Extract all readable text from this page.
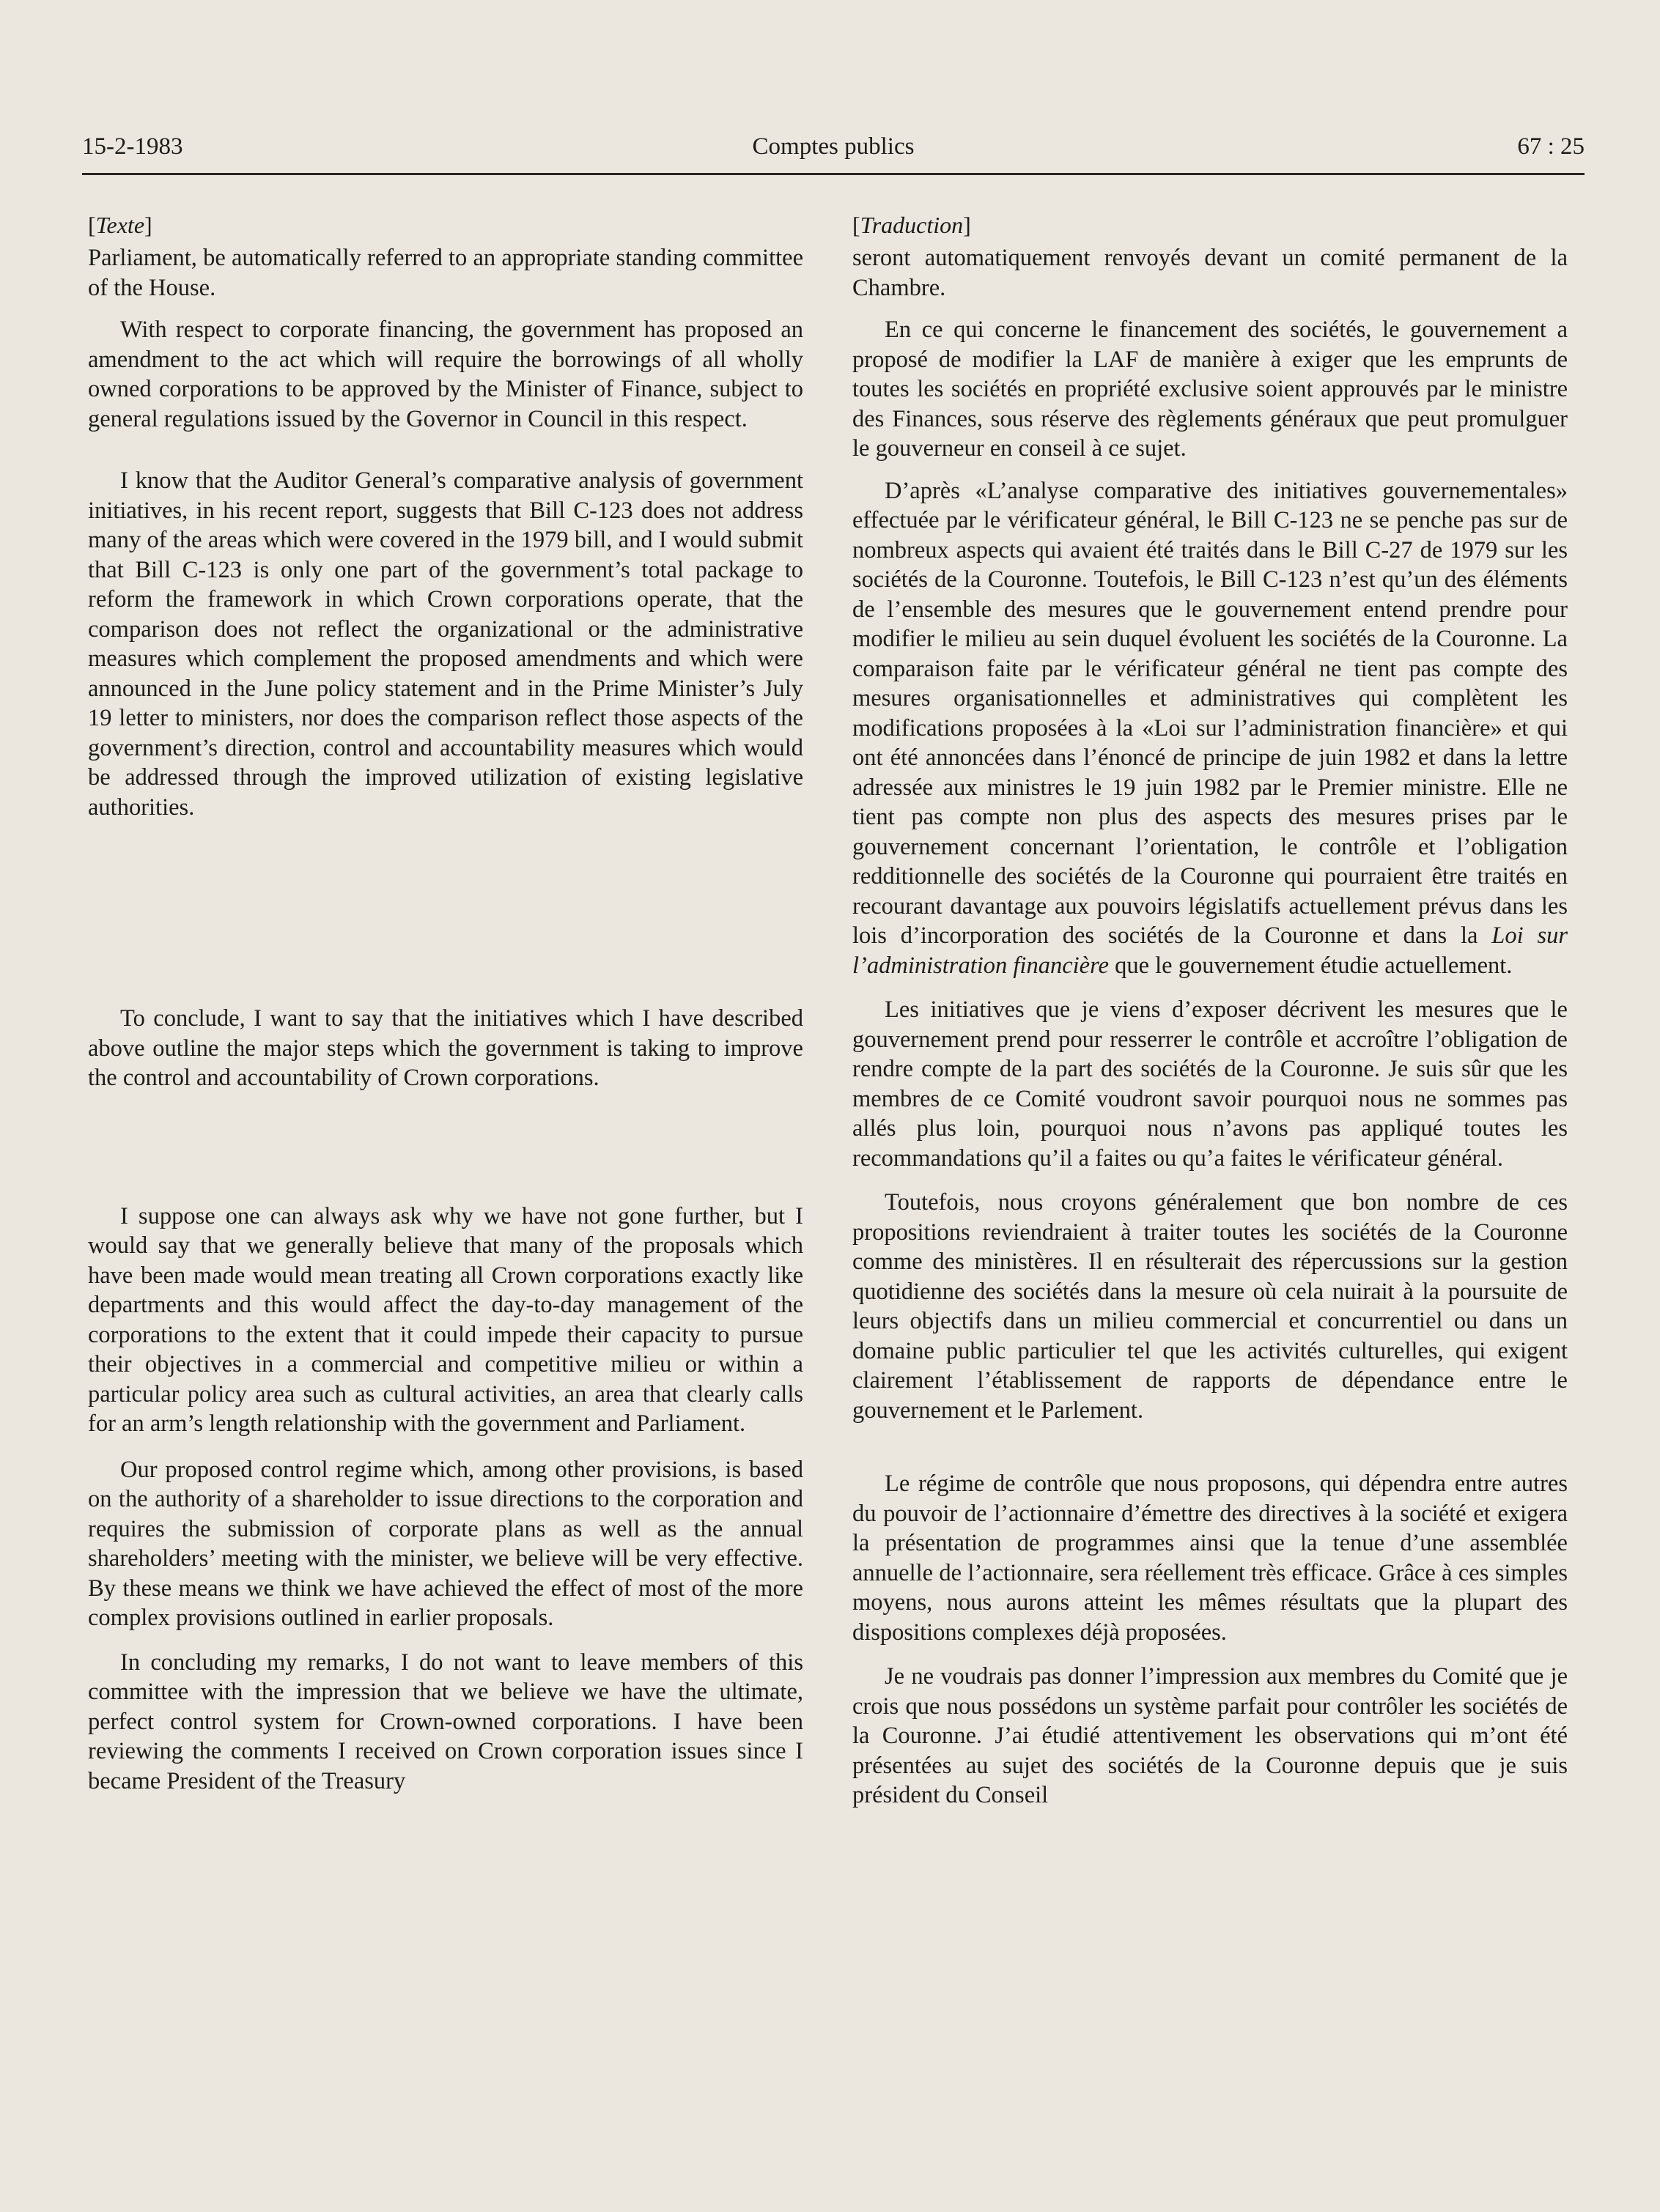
15-2-1983	Comptes publics	67 : 25
[Texte]

Parliament, be automatically referred to an appropriate standing committee of the House.

With respect to corporate financing, the government has proposed an amendment to the act which will require the borrowings of all wholly owned corporations to be approved by the Minister of Finance, subject to general regulations issued by the Governor in Council in this respect.

I know that the Auditor General’s comparative analysis of government initiatives, in his recent report, suggests that Bill C-123 does not address many of the areas which were covered in the 1979 bill, and I would submit that Bill C-123 is only one part of the government’s total package to reform the framework in which Crown corporations operate, that the comparison does not reflect the organizational or the administrative measures which complement the proposed amendments and which were announced in the June policy statement and in the Prime Minister’s July 19 letter to ministers, nor does the comparison reflect those aspects of the government’s direction, control and accountability measures which would be addressed through the improved utilization of existing legislative authorities.

To conclude, I want to say that the initiatives which I have described above outline the major steps which the government is taking to improve the control and accountability of Crown corporations.

I suppose one can always ask why we have not gone further, but I would say that we generally believe that many of the proposals which have been made would mean treating all Crown corporations exactly like departments and this would affect the day-to-day management of the corporations to the extent that it could impede their capacity to pursue their objectives in a commercial and competitive milieu or within a particular policy area such as cultural activities, an area that clearly calls for an arm’s length relationship with the government and Parliament.

Our proposed control regime which, among other provisions, is based on the authority of a shareholder to issue directions to the corporation and requires the submission of corporate plans as well as the annual shareholders’ meeting with the minister, we believe will be very effective. By these means we think we have achieved the effect of most of the more complex provisions outlined in earlier proposals.

In concluding my remarks, I do not want to leave members of this committee with the impression that we believe we have the ultimate, perfect control system for Crown-owned corporations. I have been reviewing the comments I received on Crown corporation issues since I became President of the Treasury

[Traduction]

seront automatiquement renvoyés devant un comité permanent de la Chambre.

En ce qui concerne le financement des sociétés, le gouvernement a proposé de modifier la LAF de manière à exiger que les emprunts de toutes les sociétés en propriété exclusive soient approuvés par le ministre des Finances, sous réserve des règlements généraux que peut promulguer le gouverneur en conseil à ce sujet.

D’après «L’analyse comparative des initiatives gouvernementales» effectuée par le vérificateur général, le Bill C-123 ne se penche pas sur de nombreux aspects qui avaient été traités dans le Bill C-27 de 1979 sur les sociétés de la Couronne. Toutefois, le Bill C-123 n’est qu’un des éléments de l’ensemble des mesures que le gouvernement entend prendre pour modifier le milieu au sein duquel évoluent les sociétés de la Couronne. La comparaison faite par le vérificateur général ne tient pas compte des mesures organisationnelles et administratives qui complètent les modifications proposées à la «Loi sur l’administration financière» et qui ont été annoncées dans l’énoncé de principe de juin 1982 et dans la lettre adressée aux ministres le 19 juin 1982 par le Premier ministre. Elle ne tient pas compte non plus des aspects des mesures prises par le gouvernement concernant l’orientation, le contrôle et l’obligation redditionnelle des sociétés de la Couronne qui pourraient être traités en recourant davantage aux pouvoirs législatifs actuellement prévus dans les lois d’incorporation des sociétés de la Couronne et dans la Loi sur l’administration financière que le gouvernement étudie actuellement.

Les initiatives que je viens d’exposer décrivent les mesures que le gouvernement prend pour resserrer le contrôle et accroître l’obligation de rendre compte de la part des sociétés de la Couronne. Je suis sûr que les membres de ce Comité voudront savoir pourquoi nous ne sommes pas allés plus loin, pourquoi nous n’avons pas appliqué toutes les recommandations qu’il a faites ou qu’a faites le vérificateur général.

Toutefois, nous croyons généralement que bon nombre de ces propositions reviendraient à traiter toutes les sociétés de la Couronne comme des ministères. Il en résulterait des répercussions sur la gestion quotidienne des sociétés dans la mesure où cela nuirait à la poursuite de leurs objectifs dans un milieu commercial et concurrentiel ou dans un domaine public particulier tel que les activités culturelles, qui exigent clairement l’établissement de rapports de dépendance entre le gouvernement et le Parlement.

Le régime de contrôle que nous proposons, qui dépendra entre autres du pouvoir de l’actionnaire d’émettre des directives à la société et exigera la présentation de programmes ainsi que la tenue d’une assemblée annuelle de l’actionnaire, sera réellement très efficace. Grâce à ces simples moyens, nous aurons atteint les mêmes résultats que la plupart des dispositions complexes déjà proposées.

Je ne voudrais pas donner l’impression aux membres du Comité que je crois que nous possédons un système parfait pour contrôler les sociétés de la Couronne. J’ai étudié attentivement les observations qui m’ont été présentées au sujet des sociétés de la Couronne depuis que je suis président du Conseil
